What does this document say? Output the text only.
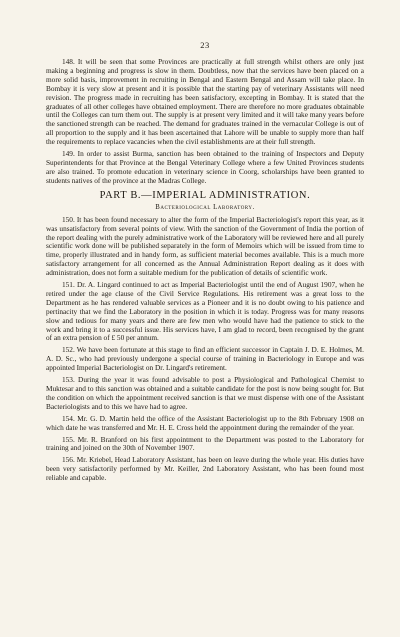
23

148. It will be seen that some Provinces are practically at full strength whilst others are only just making a beginning and progress is slow in them. Doubtless, now that the services have been placed on a more solid basis, improvement in recruiting in Bengal and Eastern Bengal and Assam will take place. In Bombay it is very slow at present and it is possible that the starting pay of veterinary Assistants will need revision. The progress made in recruiting has been satisfactory, excepting in Bombay. It is stated that the graduates of all other colleges have obtained employment. There are therefore no more graduates obtainable until the Colleges can turn them out. The supply is at present very limited and it will take many years before the sanctioned strength can be reached. The demand for graduates trained in the vernacular College is out of all proportion to the supply and it has been ascertained that Lahore will be unable to supply more than half the requirements to replace vacancies when the civil establishments are at their full strength.

149. In order to assist Burma, sanction has been obtained to the training of Inspectors and Deputy Superintendents for that Province at the Bengal Veterinary College where a few United Provinces students are also trained. To promote education in veterinary science in Coorg, scholarships have been granted to students natives of the province at the Madras College.

PART B.—IMPERIAL ADMINISTRATION.
Bacteriological Laboratory.

150. It has been found necessary to alter the form of the Imperial Bacteriologist's report this year, as it was unsatisfactory from several points of view. With the sanction of the Government of India the portion of the report dealing with the purely administrative work of the Laboratory will be reviewed here and all purely scientific work done will be published separately in the form of Memoirs which will be issued from time to time, properly illustrated and in handy form, as sufficient material becomes available. This is a much more satisfactory arrangement for all concerned as the Annual Administration Report dealing as it does with administration, does not form a suitable medium for the publication of details of scientific work.

151. Dr. A. Lingard continued to act as Imperial Bacteriologist until the end of August 1907, when he retired under the age clause of the Civil Service Regulations. His retirement was a great loss to the Department as he has rendered valuable services as a Pioneer and it is no doubt owing to his patience and pertinacity that we find the Laboratory in the position in which it is today. Progress was for many reasons slow and tedious for many years and there are few men who would have had the patience to stick to the work and bring it to a successful issue. His services have, I am glad to record, been recognised by the grant of an extra pension of £ 50 per annum.

152. We have been fortunate at this stage to find an efficient successor in Captain J. D. E. Holmes, M. A. D. Sc., who had previously undergone a special course of training in Bacteriology in Europe and was appointed Imperial Bacteriologist on Dr. Lingard's retirement.

153. During the year it was found advisable to post a Physiological and Pathological Chemist to Muktesar and to this sanction was obtained and a suitable candidate for the post is now being sought for. But the condition on which the appointment received sanction is that we must dispense with one of the Assistant Bacteriologists and to this we have had to agree.

154. Mr. G. D. Martin held the office of the Assistant Bacteriologist up to the 8th February 1908 on which date he was transferred and Mr. H. E. Cross held the appointment during the remainder of the year.

155. Mr. R. Branford on his first appointment to the Department was posted to the Laboratory for training and joined on the 30th of November 1907.

156. Mr. Kriebel, Head Laboratory Assistant, has been on leave during the whole year. His duties have been very satisfactorily performed by Mr. Keiller, 2nd Laboratory Assistant, who has been found most reliable and capable.
